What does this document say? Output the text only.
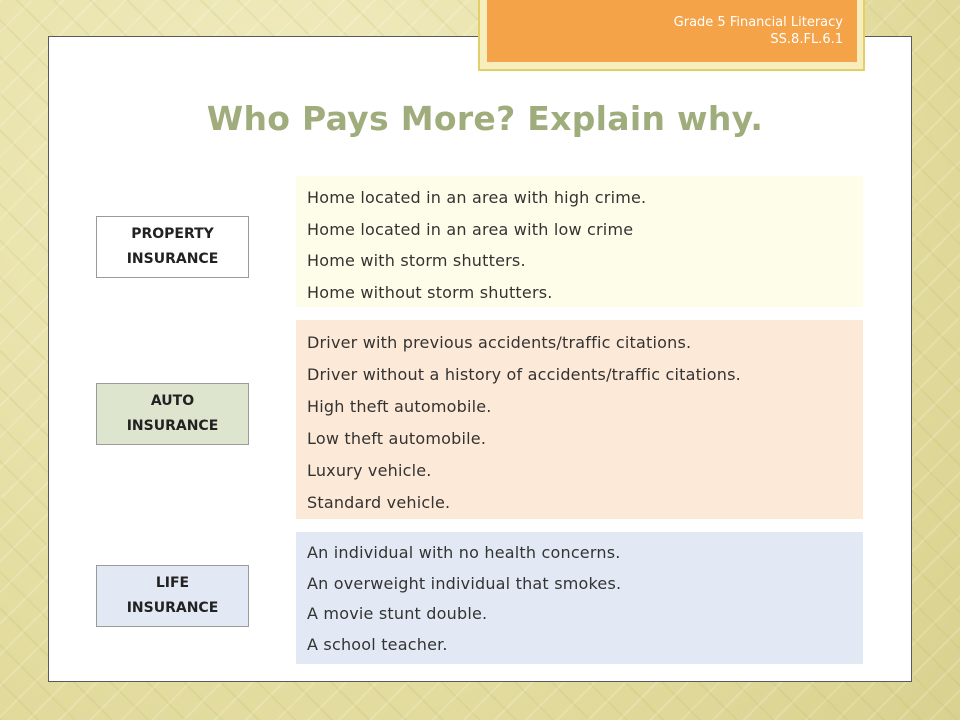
Grade 5 Financial Literacy
SS.8.FL.6.1
Who Pays More? Explain why.
PROPERTY
INSURANCE
Home located in an area with high crime.
Home located in an area with low crime
Home with storm shutters.
Home without storm shutters.
AUTO
INSURANCE
Driver with previous accidents/traffic citations.
Driver without a history of accidents/traffic citations.
High theft automobile.
Low theft automobile.
Luxury vehicle.
Standard vehicle.
LIFE
INSURANCE
An individual with no health concerns.
An overweight individual that smokes.
A movie stunt double.
A school teacher.
